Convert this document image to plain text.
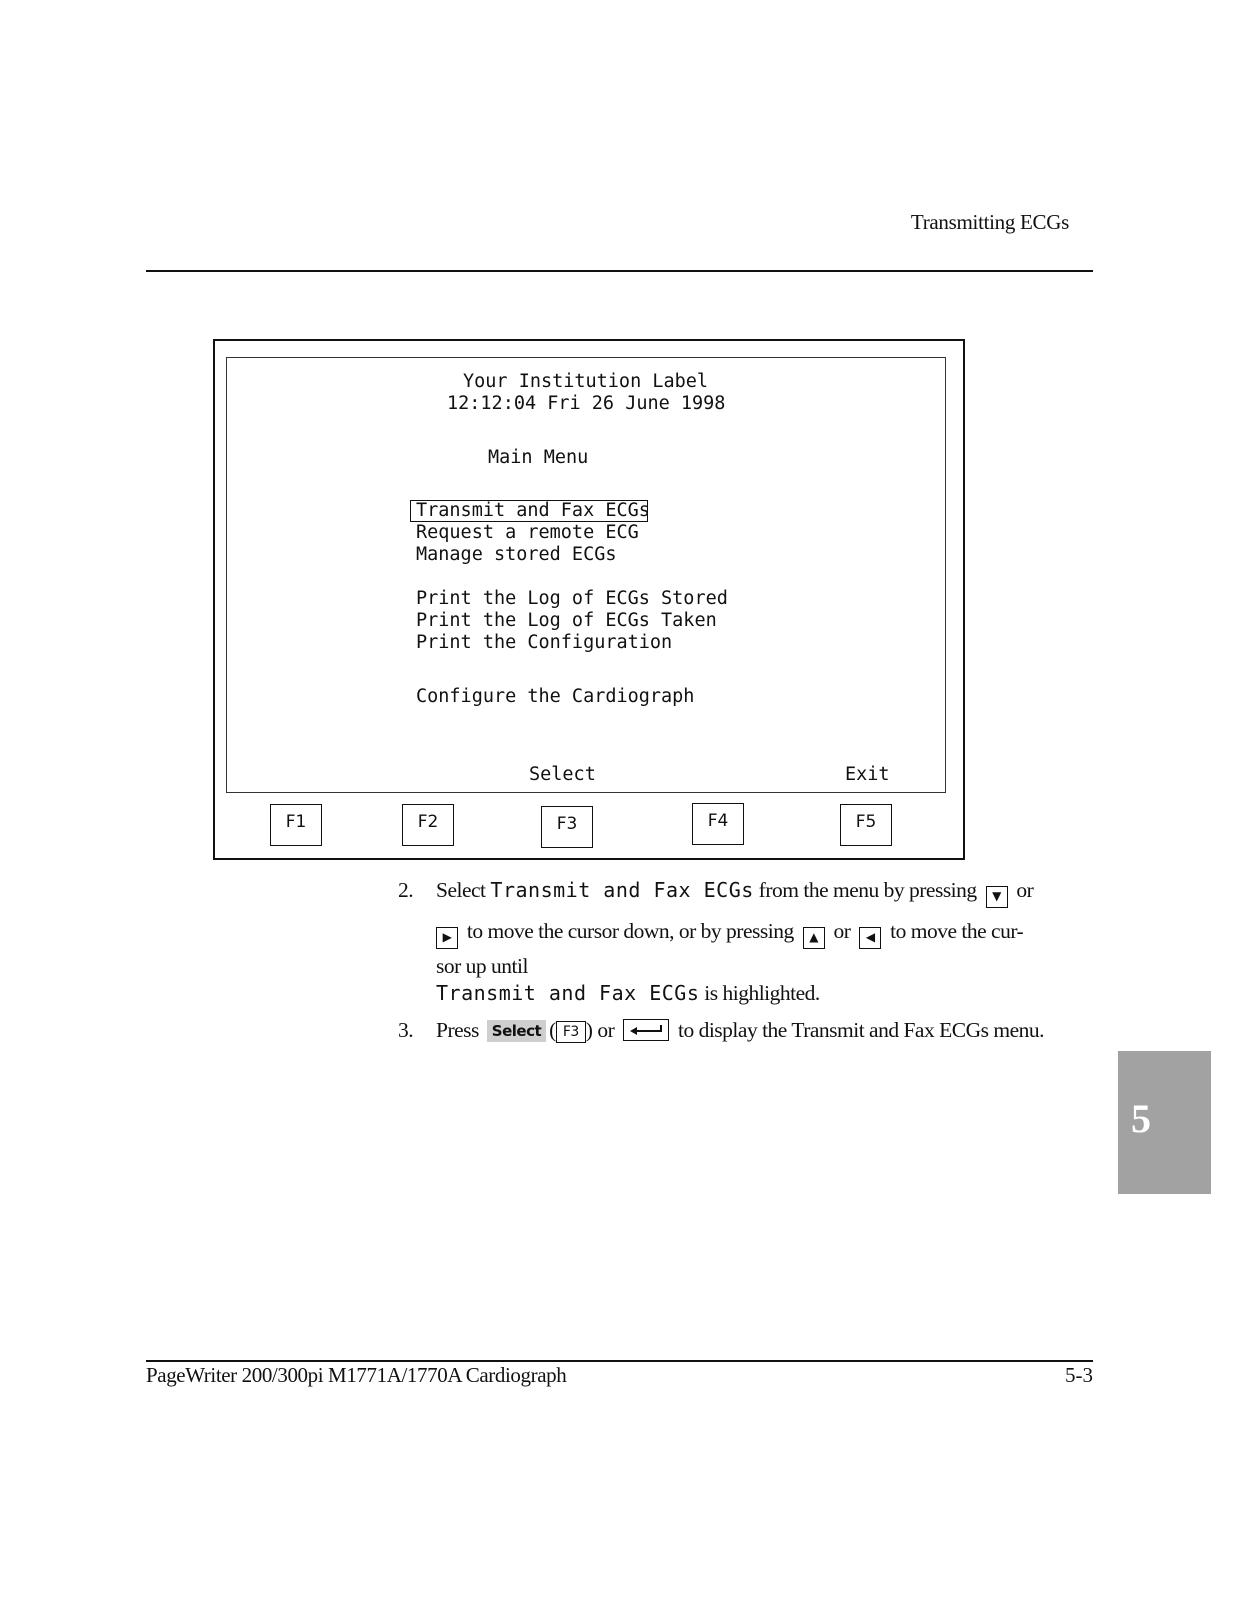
Transmitting ECGs
Your Institution Label
12:12:04 Fri 26 June 1998
Main Menu
Transmit and Fax ECGs
Request a remote ECG
Manage stored ECGs
Print the Log of ECGs Stored
Print the Log of ECGs Taken
Print the Configuration
Configure the Cardiograph
Select	Exit
F1	F2	F3	F4	F5
2. Select Transmit and Fax ECGs from the menu by pressing ▼ or
▶ to move the cursor down, or by pressing ▲ or ◀ to move the cur-
sor up until
Transmit and Fax ECGs is highlighted.
3. Press Select ( F3 ) or	to display the Transmit and Fax ECGs menu.
5
PageWriter 200/300pi M1771A/1770A Cardiograph	5-3
